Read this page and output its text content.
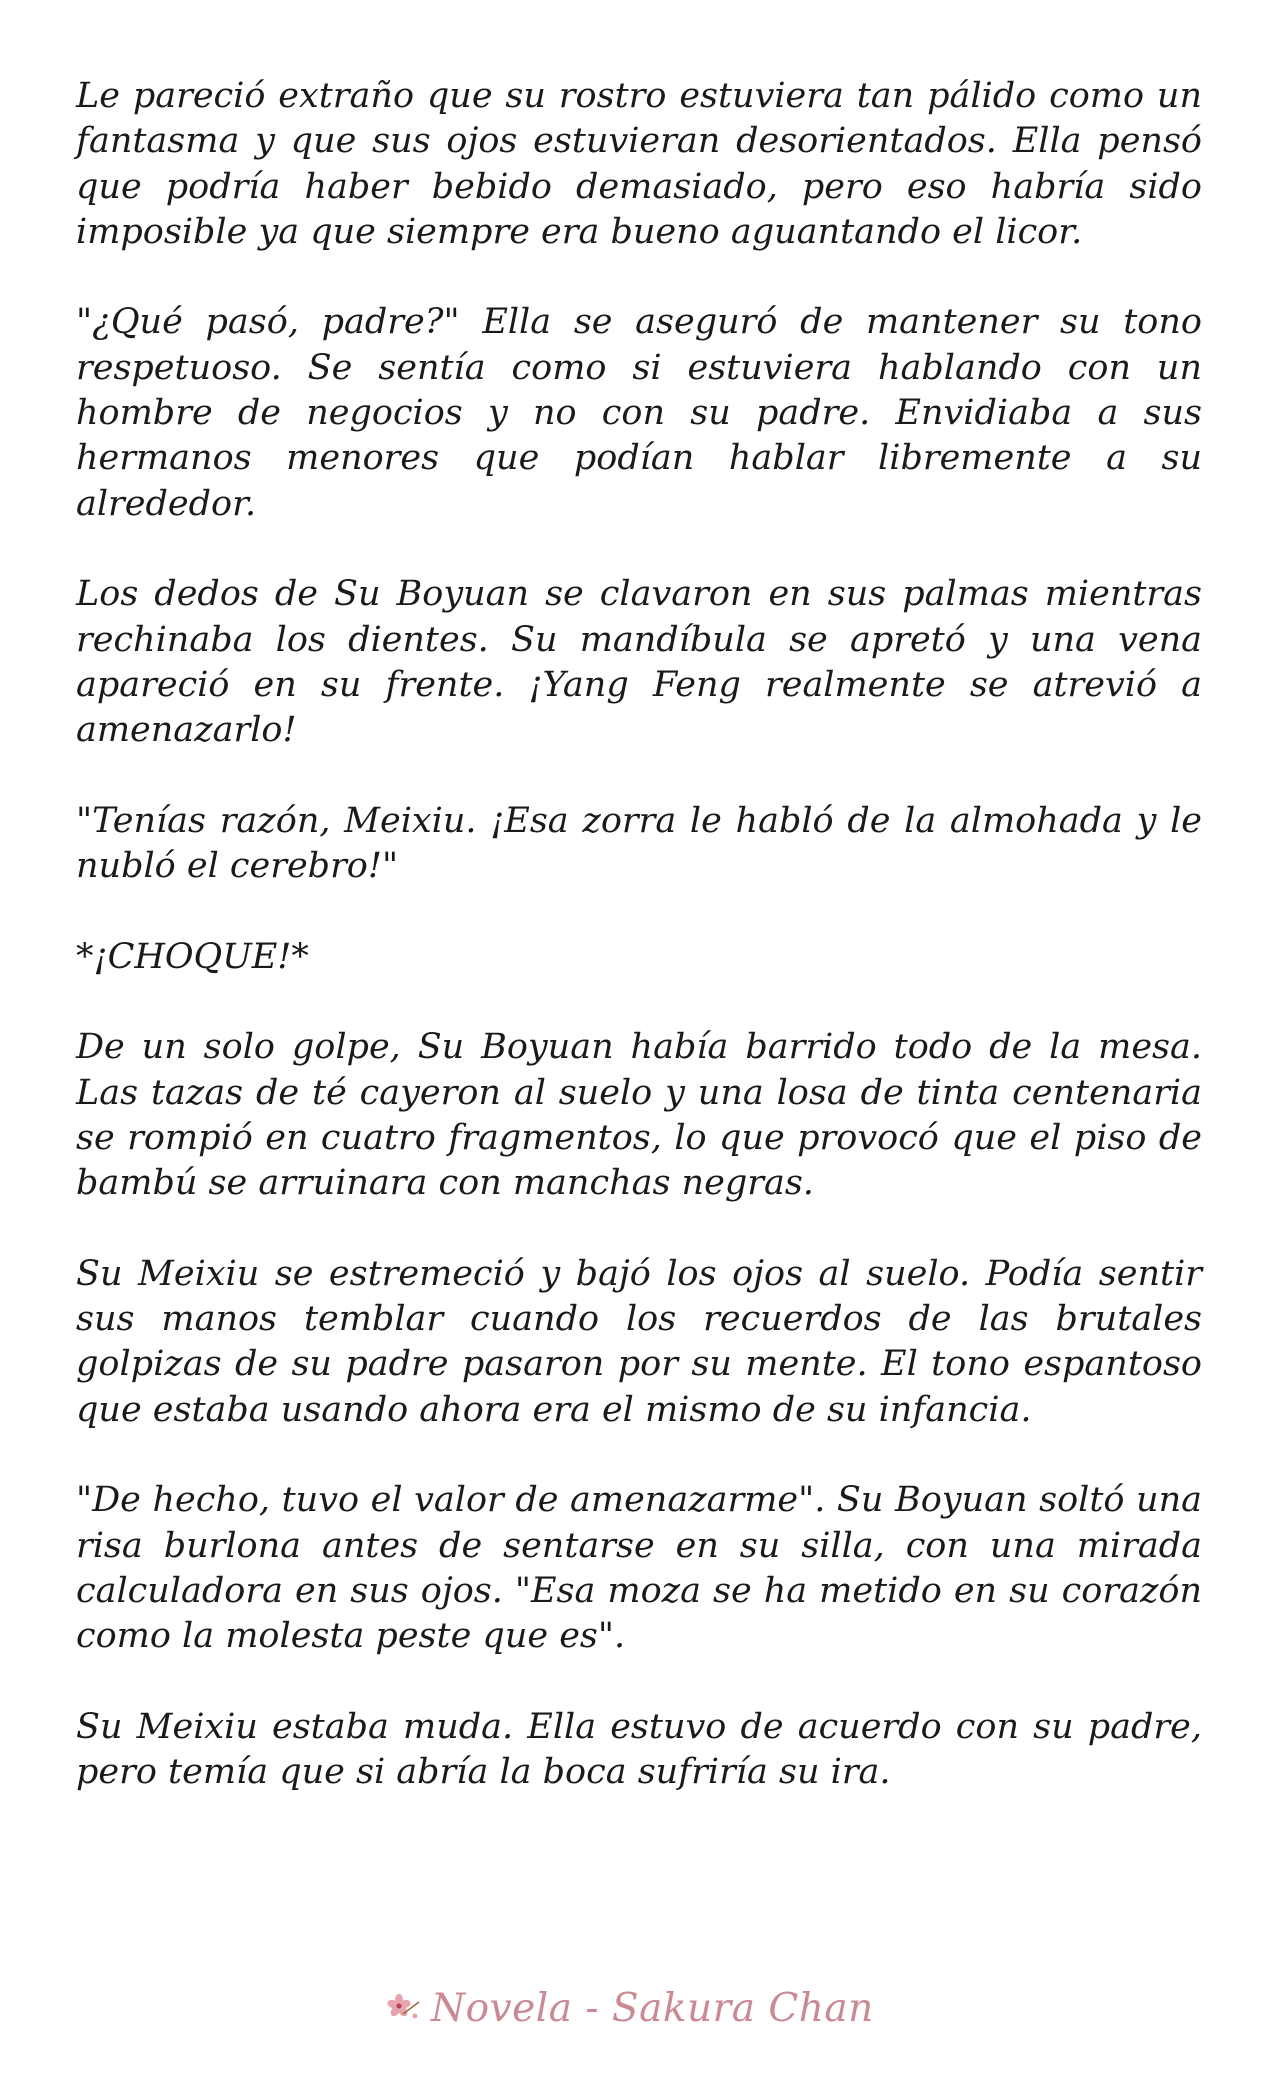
Le pareció extraño que su rostro estuviera tan pálido como un fantasma y que sus ojos estuvieran desorientados. Ella pensó que podría haber bebido demasiado, pero eso habría sido imposible ya que siempre era bueno aguantando el licor.

"¿Qué pasó, padre?" Ella se aseguró de mantener su tono respetuoso. Se sentía como si estuviera hablando con un hombre de negocios y no con su padre. Envidiaba a sus hermanos menores que podían hablar libremente a su alrededor.

Los dedos de Su Boyuan se clavaron en sus palmas mientras rechinaba los dientes. Su mandíbula se apretó y una vena apareció en su frente. ¡Yang Feng realmente se atrevió a amenazarlo!

"Tenías razón, Meixiu. ¡Esa zorra le habló de la almohada y le nubló el cerebro!"

*¡CHOQUE!*

De un solo golpe, Su Boyuan había barrido todo de la mesa. Las tazas de té cayeron al suelo y una losa de tinta centenaria se rompió en cuatro fragmentos, lo que provocó que el piso de bambú se arruinara con manchas negras.

Su Meixiu se estremeció y bajó los ojos al suelo. Podía sentir sus manos temblar cuando los recuerdos de las brutales golpizas de su padre pasaron por su mente. El tono espantoso que estaba usando ahora era el mismo de su infancia.

"De hecho, tuvo el valor de amenazarme". Su Boyuan soltó una risa burlona antes de sentarse en su silla, con una mirada calculadora en sus ojos. "Esa moza se ha metido en su corazón como la molesta peste que es".

Su Meixiu estaba muda. Ella estuvo de acuerdo con su padre, pero temía que si abría la boca sufriría su ira.

Novela - Sakura Chan
